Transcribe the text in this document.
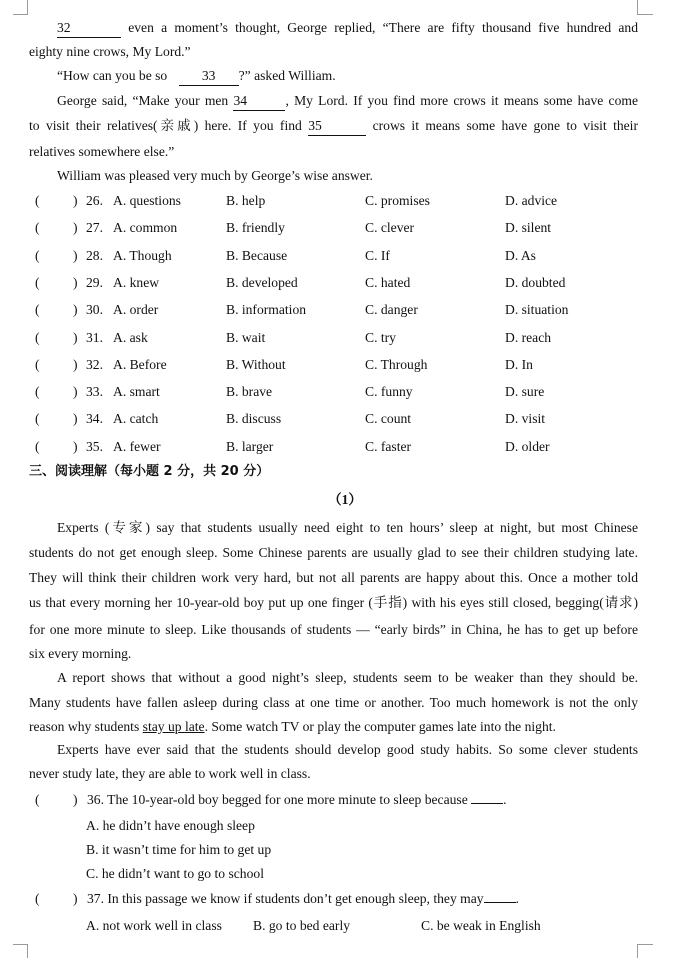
32	even a moment’s thought, George replied, “There are fifty thousand five hundred and
eighty nine crows, My Lord.”
“How can you be so	33 ?” asked William.
George said, “Make your men 34	, My Lord. If you find more crows it means some have come
to visit their relatives(亲戚) here. If you find 35	crows it means some have gone to visit their
relatives somewhere else.”
William was pleased very much by George’s wise answer.
( ) 26. A. questions	B. help	C. promises	D. advice
( ) 27. A. common	B. friendly	C. clever	D. silent
( ) 28. A. Though	B. Because	C. If	D. As
( ) 29. A. knew	B. developed	C. hated	D. doubted
( ) 30. A. order	B. information	C. danger	D. situation
( ) 31. A. ask	B. wait	C. try	D. reach
( ) 32. A. Before	B. Without	C. Through	D. In
( ) 33. A. smart	B. brave	C. funny	D. sure
( ) 34. A. catch	B. discuss	C. count	D. visit
( ) 35. A. fewer	B. larger	C. faster	D. older
三、阅读理解（每小题 2 分，共 20 分）
（1）
Experts (专家) say that students usually need eight to ten hours’ sleep at night, but most Chinese
students do not get enough sleep. Some Chinese parents are usually glad to see their children studying late.
They will think their children work very hard, but not all parents are happy about this. Once a mother told
us that every morning her 10-year-old boy put up one finger (手指) with his eyes still closed, begging(请求)
for one more minute to sleep. Like thousands of students — “early birds” in China, he has to get up before
six every morning.
A report shows that without a good night’s sleep, students seem to be weaker than they should be.
Many students have fallen asleep during class at one time or another. Too much homework is not the only
reason why students stay up late. Some watch TV or play the computer games late into the night.
Experts have ever said that the students should develop good study habits. So some clever students
never study late, they are able to work well in class.
( ) 36. The 10-year-old boy begged for one more minute to sleep because	.
A. he didn’t have enough sleep
B. it wasn’t time for him to get up
C. he didn’t want to go to school
( ) 37. In this passage we know if students don’t get enough sleep, they may .
A. not work well in class B. go to bed early	C. be weak in English
